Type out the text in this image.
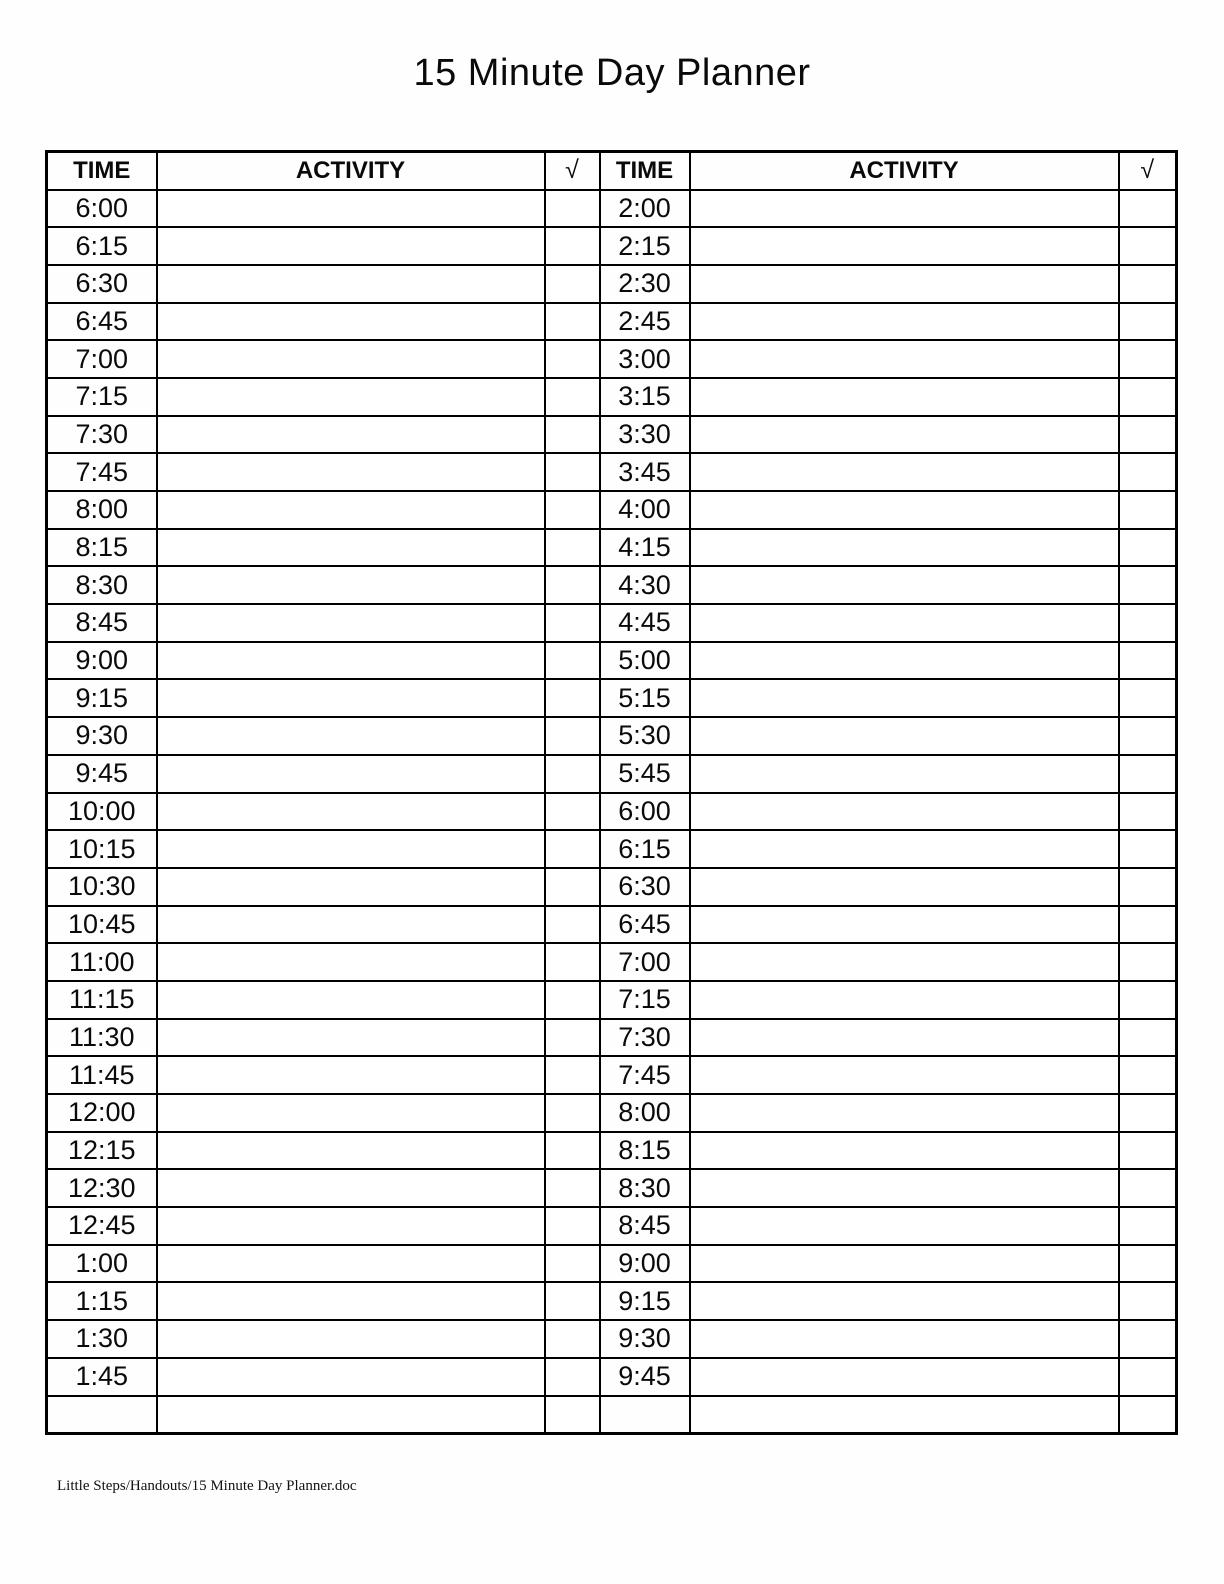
15 Minute Day Planner
TIME	ACTIVITY	√	TIME	ACTIVITY	√
6:00			2:00		
6:15			2:15		
6:30			2:30		
6:45			2:45		
7:00			3:00		
7:15			3:15		
7:30			3:30		
7:45			3:45		
8:00			4:00		
8:15			4:15		
8:30			4:30		
8:45			4:45		
9:00			5:00		
9:15			5:15		
9:30			5:30		
9:45			5:45		
10:00			6:00		
10:15			6:15		
10:30			6:30		
10:45			6:45		
11:00			7:00		
11:15			7:15		
11:30			7:30		
11:45			7:45		
12:00			8:00		
12:15			8:15		
12:30			8:30		
12:45			8:45		
1:00			9:00		
1:15			9:15		
1:30			9:30		
1:45			9:45		

Little Steps/Handouts/15 Minute Day Planner.doc
